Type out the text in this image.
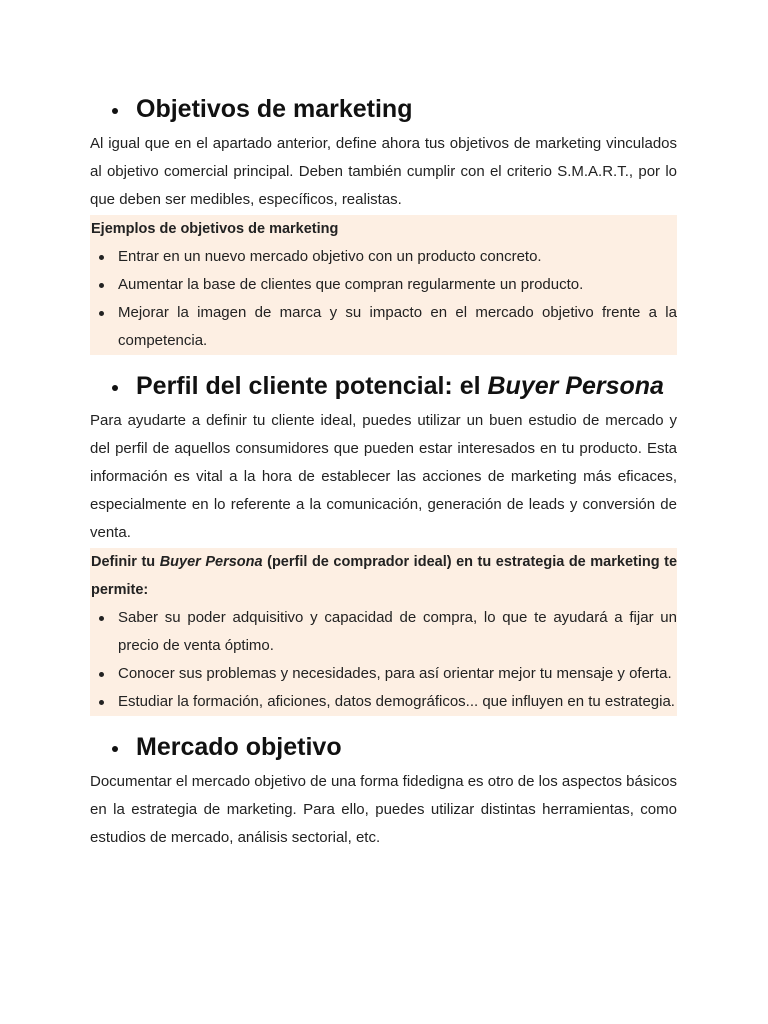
Objetivos de marketing

Al igual que en el apartado anterior, define ahora tus objetivos de marketing vinculados al objetivo comercial principal. Deben también cumplir con el criterio S.M.A.R.T., por lo que deben ser medibles, específicos, realistas.

Ejemplos de objetivos de marketing
Entrar en un nuevo mercado objetivo con un producto concreto.
Aumentar la base de clientes que compran regularmente un producto.
Mejorar la imagen de marca y su impacto en el mercado objetivo frente a la competencia.
Perfil del cliente potencial: el Buyer Persona

Para ayudarte a definir tu cliente ideal, puedes utilizar un buen estudio de mercado y del perfil de aquellos consumidores que pueden estar interesados en tu producto. Esta información es vital a la hora de establecer las acciones de marketing más eficaces, especialmente en lo referente a la comunicación, generación de leads y conversión de venta.

Definir tu Buyer Persona (perfil de comprador ideal) en tu estrategia de marketing te permite:
Saber su poder adquisitivo y capacidad de compra, lo que te ayudará a fijar un precio de venta óptimo.
Conocer sus problemas y necesidades, para así orientar mejor tu mensaje y oferta.
Estudiar la formación, aficiones, datos demográficos... que influyen en tu estrategia.
Mercado objetivo

Documentar el mercado objetivo de una forma fidedigna es otro de los aspectos básicos en la estrategia de marketing. Para ello, puedes utilizar distintas herramientas, como estudios de mercado, análisis sectorial, etc.
